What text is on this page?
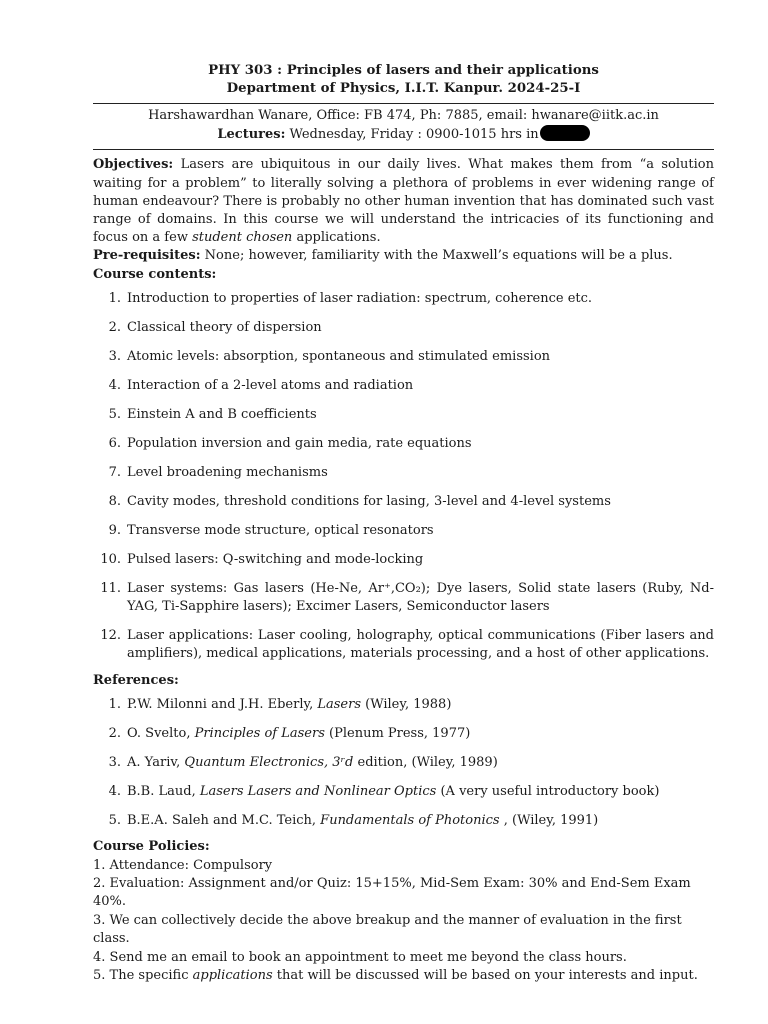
PHY 303 : Principles of lasers and their applications
Department of Physics, I.I.T. Kanpur. 2024-25-I
Harshawardhan Wanare, Office: FB 474, Ph: 7885, email: hwanare@iitk.ac.in
Lectures: Wednesday, Friday : 0900-1015 hrs in
Objectives: Lasers are ubiquitous in our daily lives. What makes them from “a solution waiting for a problem” to literally solving a plethora of problems in ever widening range of human endeavour? There is probably no other human invention that has dominated such vast range of domains. In this course we will understand the intricacies of its functioning and focus on a few student chosen applications.
Pre-requisites: None; however, familiarity with the Maxwell’s equations will be a plus.
Course contents:
1. Introduction to properties of laser radiation: spectrum, coherence etc.
2. Classical theory of dispersion
3. Atomic levels: absorption, spontaneous and stimulated emission
4. Interaction of a 2-level atoms and radiation
5. Einstein A and B coefficients
6. Population inversion and gain media, rate equations
7. Level broadening mechanisms
8. Cavity modes, threshold conditions for lasing, 3-level and 4-level systems
9. Transverse mode structure, optical resonators
10. Pulsed lasers: Q-switching and mode-locking
11. Laser systems: Gas lasers (He-Ne, Ar⁺,CO₂); Dye lasers, Solid state lasers (Ruby, Nd-YAG, Ti-Sapphire lasers); Excimer Lasers, Semiconductor lasers
12. Laser applications: Laser cooling, holography, optical communications (Fiber lasers and amplifiers), medical applications, materials processing, and a host of other applications.
References:
1. P.W. Milonni and J.H. Eberly, Lasers (Wiley, 1988)
2. O. Svelto, Principles of Lasers (Plenum Press, 1977)
3. A. Yariv, Quantum Electronics, 3ʳd edition, (Wiley, 1989)
4. B.B. Laud, Lasers Lasers and Nonlinear Optics (A very useful introductory book)
5. B.E.A. Saleh and M.C. Teich, Fundamentals of Photonics , (Wiley, 1991)
Course Policies:
1. Attendance: Compulsory
2. Evaluation: Assignment and/or Quiz: 15+15%, Mid-Sem Exam: 30% and End-Sem Exam 40%.
3. We can collectively decide the above breakup and the manner of evaluation in the first class.
4. Send me an email to book an appointment to meet me beyond the class hours.
5. The specific applications that will be discussed will be based on your interests and input.
